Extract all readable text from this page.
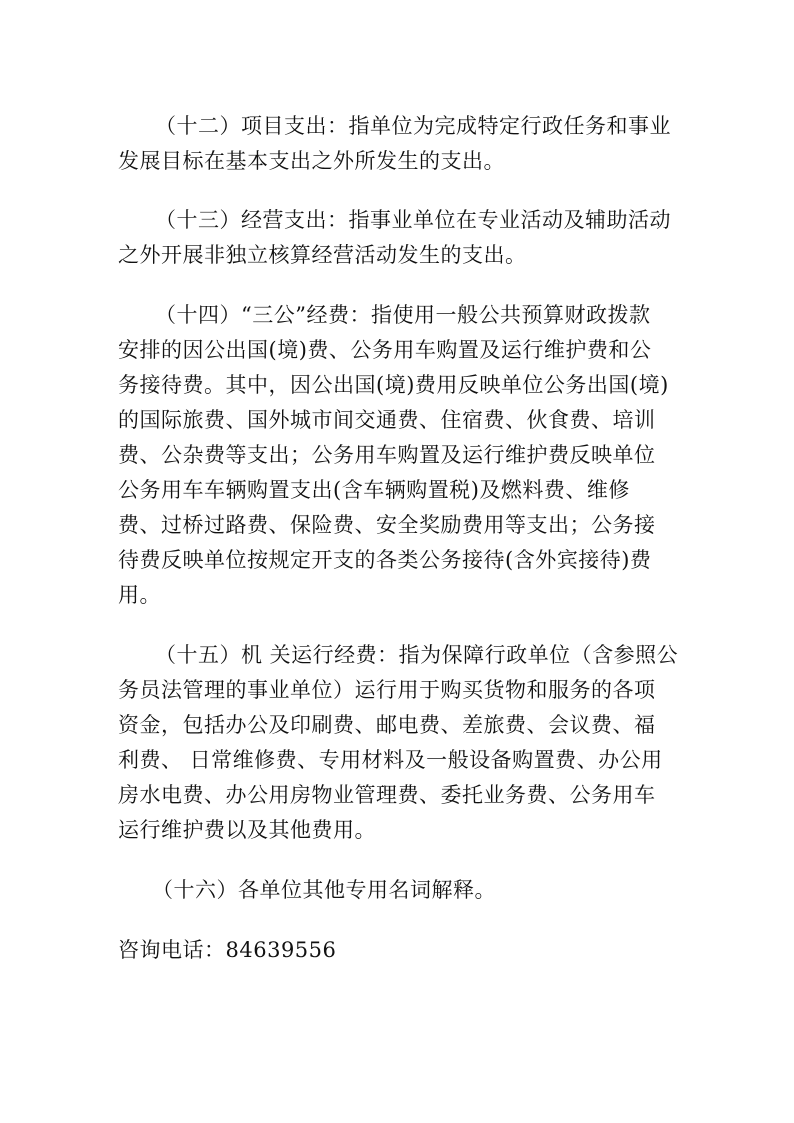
（十二）项目支出：指单位为完成特定行政任务和事业
发展目标在基本支出之外所发生的支出。
（十三）经营支出：指事业单位在专业活动及辅助活动
之外开展非独立核算经营活动发生的支出。
（十四）“三公”经费：指使用一般公共预算财政拨款
安排的因公出国(境)费、公务用车购置及运行维护费和公
务接待费。其中，因公出国(境)费用反映单位公务出国(境)
的国际旅费、国外城市间交通费、住宿费、伙食费、培训
费、公杂费等支出；公务用车购置及运行维护费反映单位
公务用车车辆购置支出(含车辆购置税)及燃料费、维修
费、过桥过路费、保险费、安全奖励费用等支出；公务接
待费反映单位按规定开支的各类公务接待(含外宾接待)费
用。
（十五）机 关运行经费：指为保障行政单位（含参照公
务员法管理的事业单位）运行用于购买货物和服务的各项
资金，包括办公及印刷费、邮电费、差旅费、会议费、福
利费、 日常维修费、专用材料及一般设备购置费、办公用
房水电费、办公用房物业管理费、委托业务费、公务用车
运行维护费以及其他费用。
（十六）各单位其他专用名词解释。
咨询电话：84639556
